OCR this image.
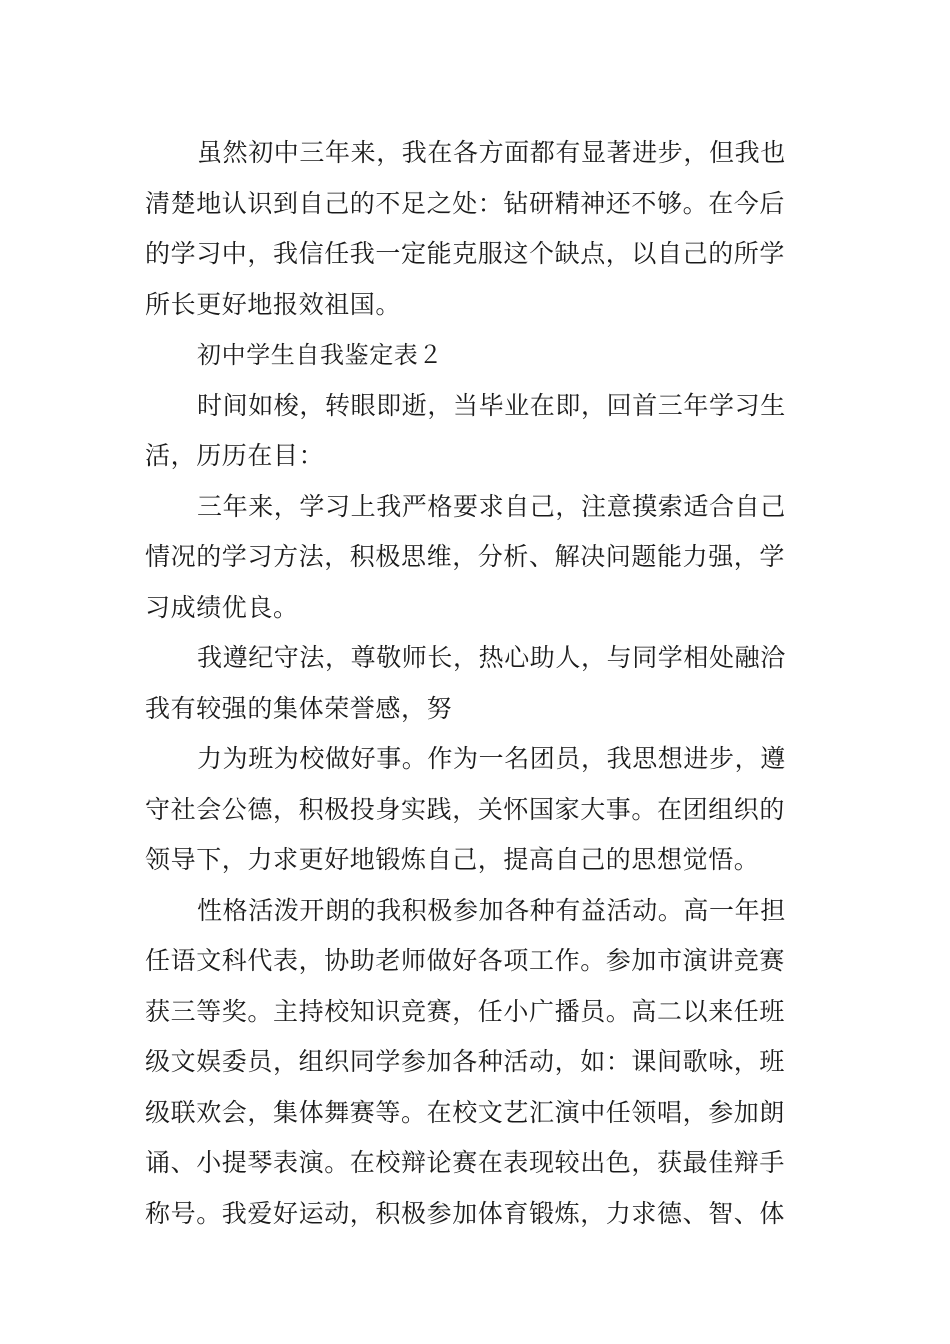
虽然初中三年来，我在各方面都有显著进步，但我也
清楚地认识到自己的不足之处：钻研精神还不够。在今后
的学习中，我信任我一定能克服这个缺点，以自己的所学
所长更好地报效祖国。
初中学生自我鉴定表２
时间如梭，转眼即逝，当毕业在即，回首三年学习生
活，历历在目：
三年来，学习上我严格要求自己，注意摸索适合自己
情况的学习方法，积极思维，分析、解决问题能力强，学
习成绩优良。
我遵纪守法，尊敬师长，热心助人，与同学相处融洽
我有较强的集体荣誉感，努
力为班为校做好事。作为一名团员，我思想进步，遵
守社会公德，积极投身实践，关怀国家大事。在团组织的
领导下，力求更好地锻炼自己，提高自己的思想觉悟。
性格活泼开朗的我积极参加各种有益活动。高一年担
任语文科代表，协助老师做好各项工作。参加市演讲竞赛
获三等奖。主持校知识竞赛，任小广播员。高二以来任班
级文娱委员，组织同学参加各种活动，如：课间歌咏，班
级联欢会，集体舞赛等。在校文艺汇演中任领唱，参加朗
诵、小提琴表演。在校辩论赛在表现较出色，获最佳辩手
称号。我爱好运动，积极参加体育锻炼，力求德、智、体
